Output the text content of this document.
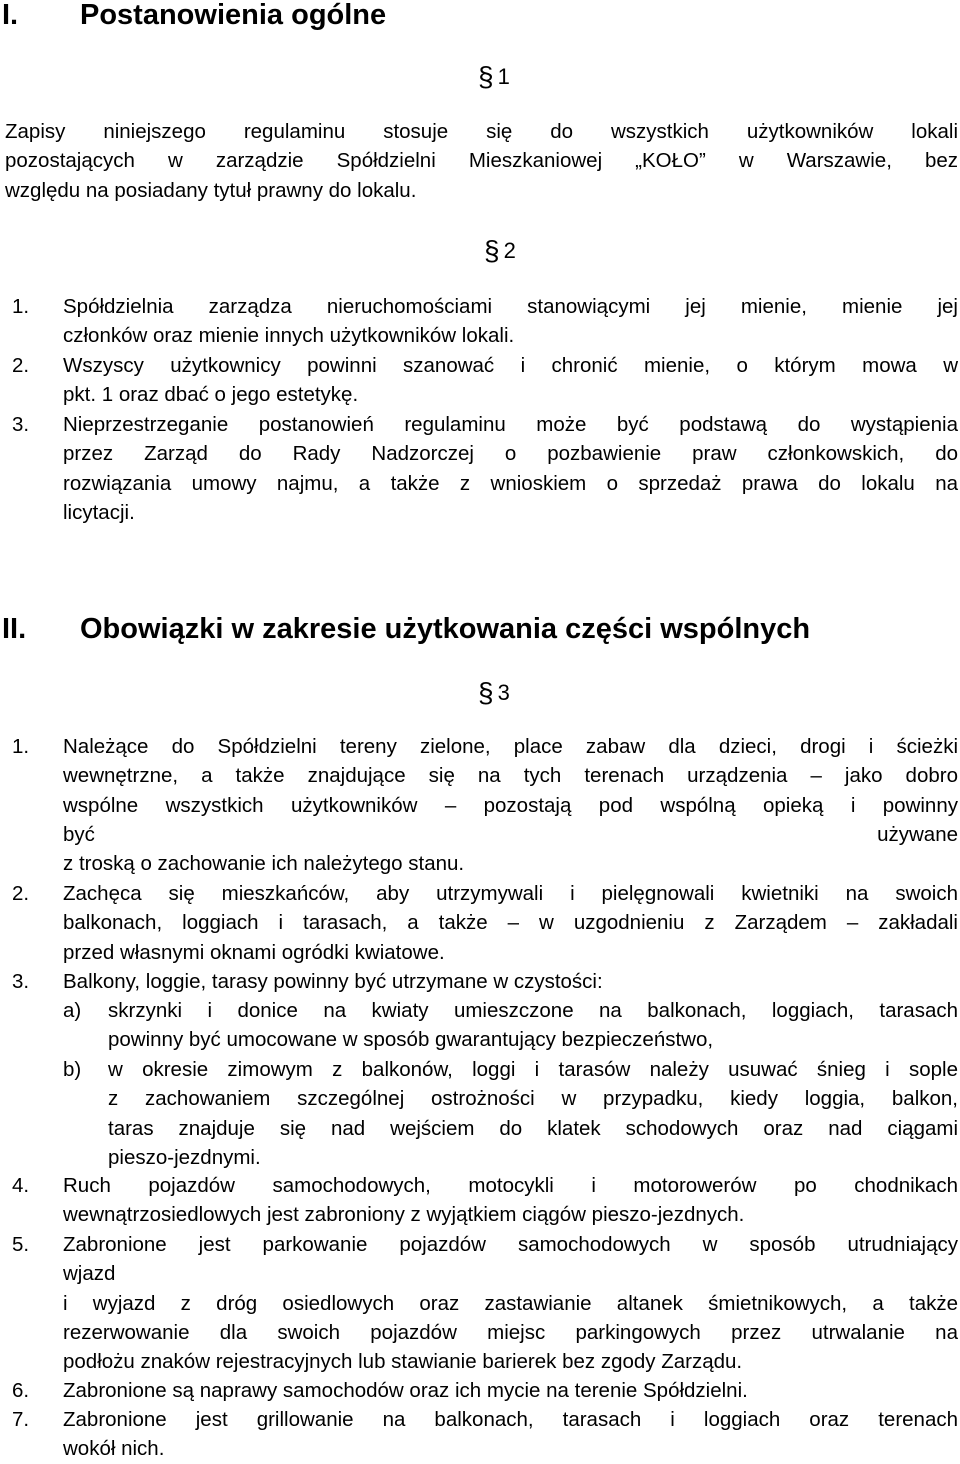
I. Postanowienia ogólne
§ 1
Zapisy niniejszego regulaminu stosuje się do wszystkich użytkowników lokali
pozostających w zarządzie Spółdzielni Mieszkaniowej „KOŁO” w Warszawie, bez
względu na posiadany tytuł prawny do lokalu.
§ 2
1. Spółdzielnia zarządza nieruchomościami stanowiącymi jej mienie, mienie jej
członków oraz mienie innych użytkowników lokali.
2. Wszyscy użytkownicy powinni szanować i chronić mienie, o którym mowa w
pkt. 1 oraz dbać o jego estetykę.
3. Nieprzestrzeganie postanowień regulaminu może być podstawą do wystąpienia
przez Zarząd do Rady Nadzorczej o pozbawienie praw członkowskich, do
rozwiązania umowy najmu, a także z wnioskiem o sprzedaż prawa do lokalu na
licytacji.
II. Obowiązki w zakresie użytkowania części wspólnych
§ 3
1. Należące do Spółdzielni tereny zielone, place zabaw dla dzieci, drogi i ścieżki
wewnętrzne, a także znajdujące się na tych terenach urządzenia – jako dobro
wspólne wszystkich użytkowników – pozostają pod wspólną opieką i powinny
być używane
z troską o zachowanie ich należytego stanu.
2. Zachęca się mieszkańców, aby utrzymywali i pielęgnowali kwietniki na swoich
balkonach, loggiach i tarasach, a także – w uzgodnieniu z Zarządem – zakładali
przed własnymi oknami ogródki kwiatowe.
3. Balkony, loggie, tarasy powinny być utrzymane w czystości:
a) skrzynki i donice na kwiaty umieszczone na balkonach, loggiach, tarasach
powinny być umocowane w sposób gwarantujący bezpieczeństwo,
b) w okresie zimowym z balkonów, loggi i tarasów należy usuwać śnieg i sople
z zachowaniem szczególnej ostrożności w przypadku, kiedy loggia, balkon,
taras znajduje się nad wejściem do klatek schodowych oraz nad ciągami
pieszo-jezdnymi.
4. Ruch pojazdów samochodowych, motocykli i motorowerów po chodnikach
wewnątrzosiedlowych jest zabroniony z wyjątkiem ciągów pieszo-jezdnych.
5. Zabronione jest parkowanie pojazdów samochodowych w sposób utrudniający
wjazd
i wyjazd z dróg osiedlowych oraz zastawianie altanek śmietnikowych, a także
rezerwowanie dla swoich pojazdów miejsc parkingowych przez utrwalanie na
podłożu znaków rejestracyjnych lub stawianie barierek bez zgody Zarządu.
6. Zabronione są naprawy samochodów oraz ich mycie na terenie Spółdzielni.
7. Zabronione jest grillowanie na balkonach, tarasach i loggiach oraz terenach
wokół nich.
